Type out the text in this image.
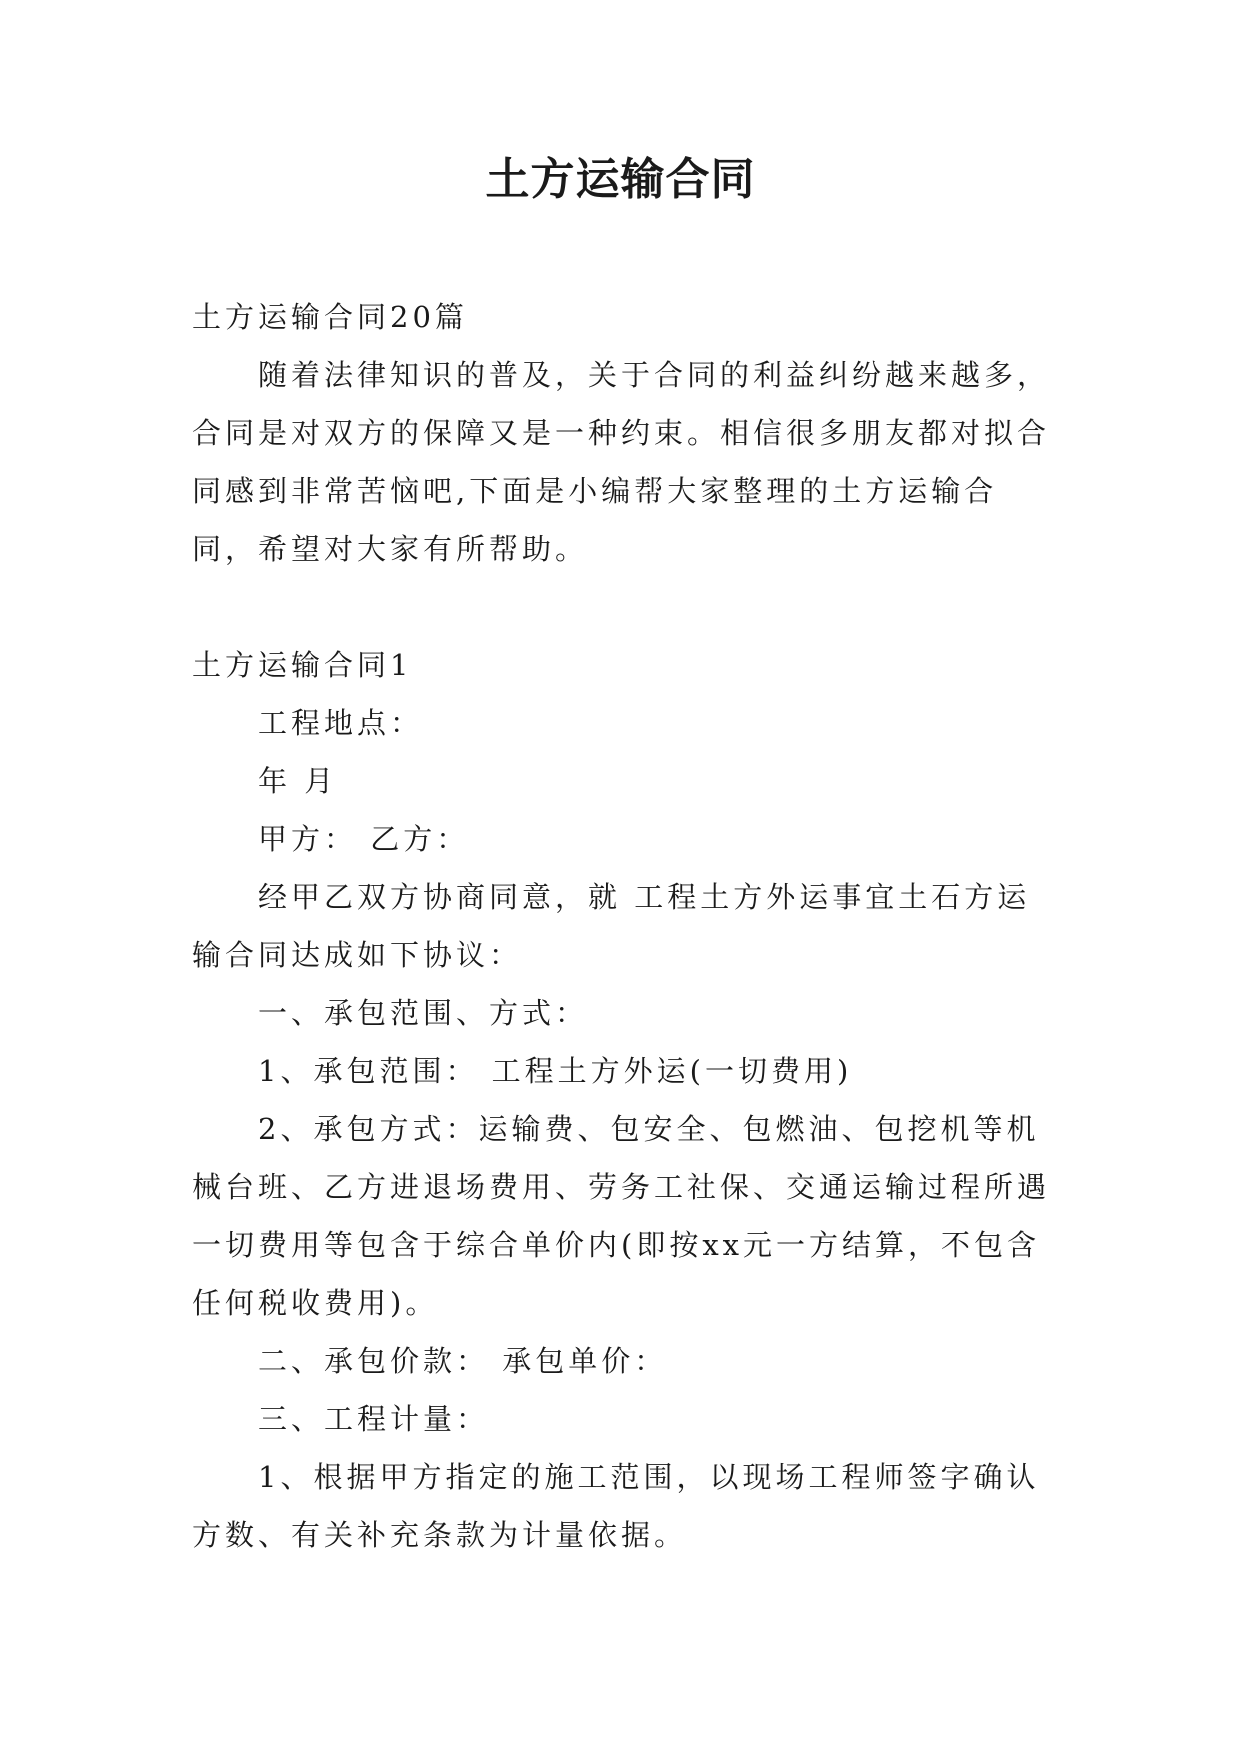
土方运输合同

土方运输合同20篇

随着法律知识的普及，关于合同的利益纠纷越来越多，合同是对双方的保障又是一种约束。相信很多朋友都对拟合同感到非常苦恼吧,下面是小编帮大家整理的土方运输合同，希望对大家有所帮助。

土方运输合同1

工程地点：

年 月

甲方： 乙方：

经甲乙双方协商同意，就 工程土方外运事宜土石方运输合同达成如下协议：

一、承包范围、方式：

1、承包范围： 工程土方外运(一切费用)

2、承包方式：运输费、包安全、包燃油、包挖机等机械台班、乙方进退场费用、劳务工社保、交通运输过程所遇一切费用等包含于综合单价内(即按xx元一方结算，不包含任何税收费用)。

二、承包价款： 承包单价：

三、工程计量：

1、根据甲方指定的施工范围，以现场工程师签字确认方数、有关补充条款为计量依据。
